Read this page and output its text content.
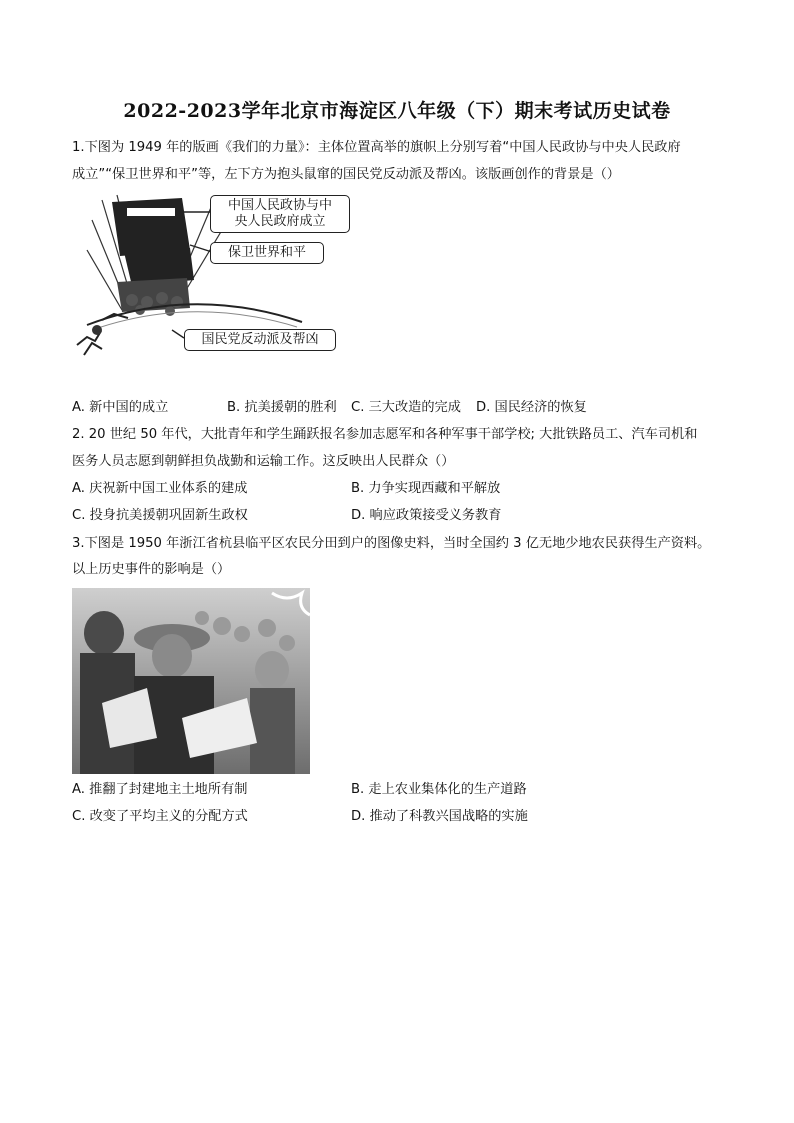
2022-2023学年北京市海淀区八年级（下）期末考试历史试卷
1.下图为 1949 年的版画《我们的力量》：主体位置高举的旗帜上分别写着“中国人民政协与中央人民政府
成立”“保卫世界和平”等，左下方为抱头鼠窜的国民党反动派及帮凶。该版画创作的背景是（）
中国人民政协与中
央人民政府成立
保卫世界和平
国民党反动派及帮凶
A. 新中国的成立	B. 抗美援朝的胜利 C. 三大改造的完成 D. 国民经济的恢复
2. 20 世纪 50 年代，大批青年和学生踊跃报名参加志愿军和各种军事干部学校; 大批铁路员工、汽车司机和
医务人员志愿到朝鲜担负战勤和运输工作。这反映出人民群众（）
A. 庆祝新中国工业体系的建成	B. 力争实现西藏和平解放
C. 投身抗美援朝巩固新生政权	D. 响应政策接受义务教育
3.下图是 1950 年浙江省杭县临平区农民分田到户的图像史料，当时全国约 3 亿无地少地农民获得生产资料。
以上历史事件的影响是（）
A. 推翻了封建地主土地所有制	B. 走上农业集体化的生产道路
C. 改变了平均主义的分配方式	D. 推动了科教兴国战略的实施
